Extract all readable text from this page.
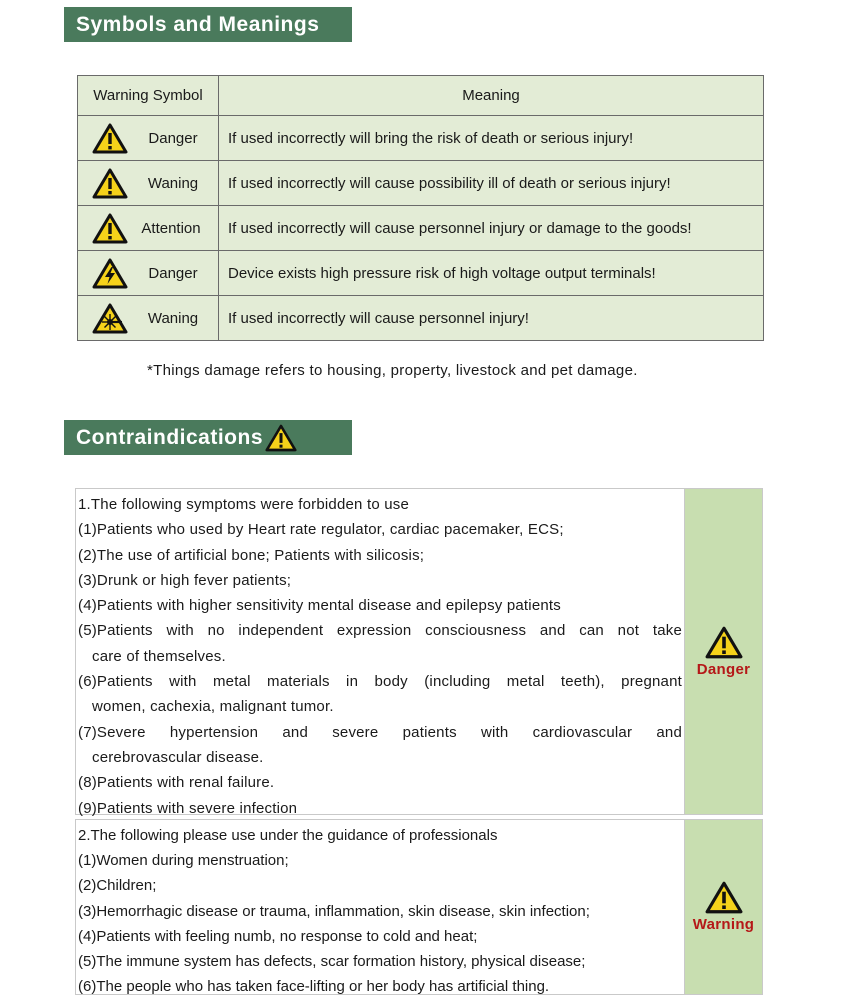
Symbols and Meanings
Warning Symbol	Meaning

Danger	If used incorrectly will bring the risk of death or serious injury!

Waning	If used incorrectly will cause possibility ill of death or serious injury!

Attention	If used incorrectly will cause personnel injury or damage to the goods!

Danger	Device exists high pressure risk of high voltage output terminals!

Waning	If used incorrectly will cause personnel injury!
*Things damage refers to housing, property, livestock and pet damage.
Contraindications
1.The following symptoms were forbidden to use
(1)Patients who used by Heart rate regulator, cardiac pacemaker, ECS;
(2)The use of artificial bone; Patients with silicosis;
(3)Drunk or high fever patients;
(4)Patients with higher sensitivity mental disease and epilepsy patients
(5)Patients with no independent expression consciousness and can not take
care of themselves.
(6)Patients with metal materials in body (including metal teeth), pregnant
women, cachexia, malignant tumor.
(7)Severe hypertension and severe patients with cardiovascular and
cerebrovascular disease.
(8)Patients with renal failure.
(9)Patients with severe infection
Danger
2.The following please use under the guidance of professionals
(1)Women during menstruation;
(2)Children;
(3)Hemorrhagic disease or trauma, inflammation, skin disease, skin infection;
(4)Patients with feeling numb, no response to cold and heat;
(5)The immune system has defects, scar formation history, physical disease;
(6)The people who has taken face-lifting or her body has artificial thing.
Warning
